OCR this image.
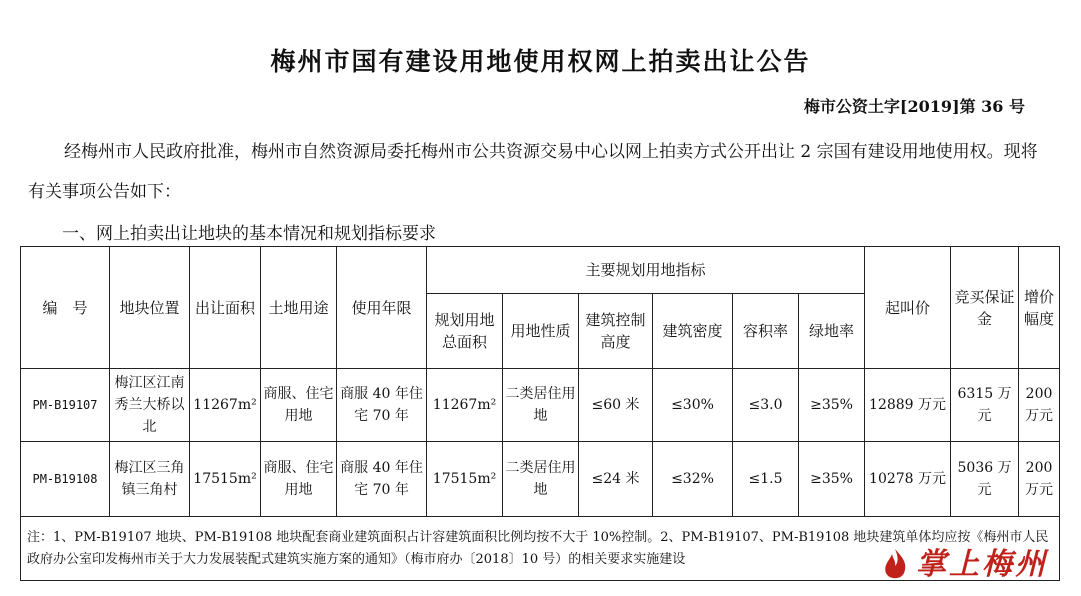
梅州市国有建设用地使用权网上拍卖出让公告
梅市公资土字[2019]第 36 号
经梅州市人民政府批准，梅州市自然资源局委托梅州市公共资源交易中心以网上拍卖方式公开出让 2 宗国有建设用地使用权。现将有关事项公告如下：
一、网上拍卖出让地块的基本情况和规划指标要求
编　号	地块位置	出让面积	土地用途	使用年限	主要规划用地指标						起叫价	竞买保证金	增价幅度
					规划用地总面积	用地性质	建筑控制高度	建筑密度	容积率	绿地率			
PM-B19107	梅江区江南秀兰大桥以北	11267m²	商服、住宅用地	商服 40 年住宅 70 年	11267m²	二类居住用地	≤60 米	≤30%	≤3.0	≥35%	12889 万元	6315 万元	200 万元
PM-B19108	梅江区三角镇三角村	17515m²	商服、住宅用地	商服 40 年住宅 70 年	17515m²	二类居住用地	≤24 米	≤32%	≤1.5	≥35%	10278 万元	5036 万元	200 万元
注：1、PM-B19107 地块、PM-B19108 地块配套商业建筑面积占计容建筑面积比例均按不大于 10%控制。2、PM-B19107、PM-B19108 地块建筑单体均应按《梅州市人民政府办公室印发梅州市关于大力发展装配式建筑实施方案的通知》（梅市府办〔2018〕10 号）的相关要求实施建设														掌上梅州
